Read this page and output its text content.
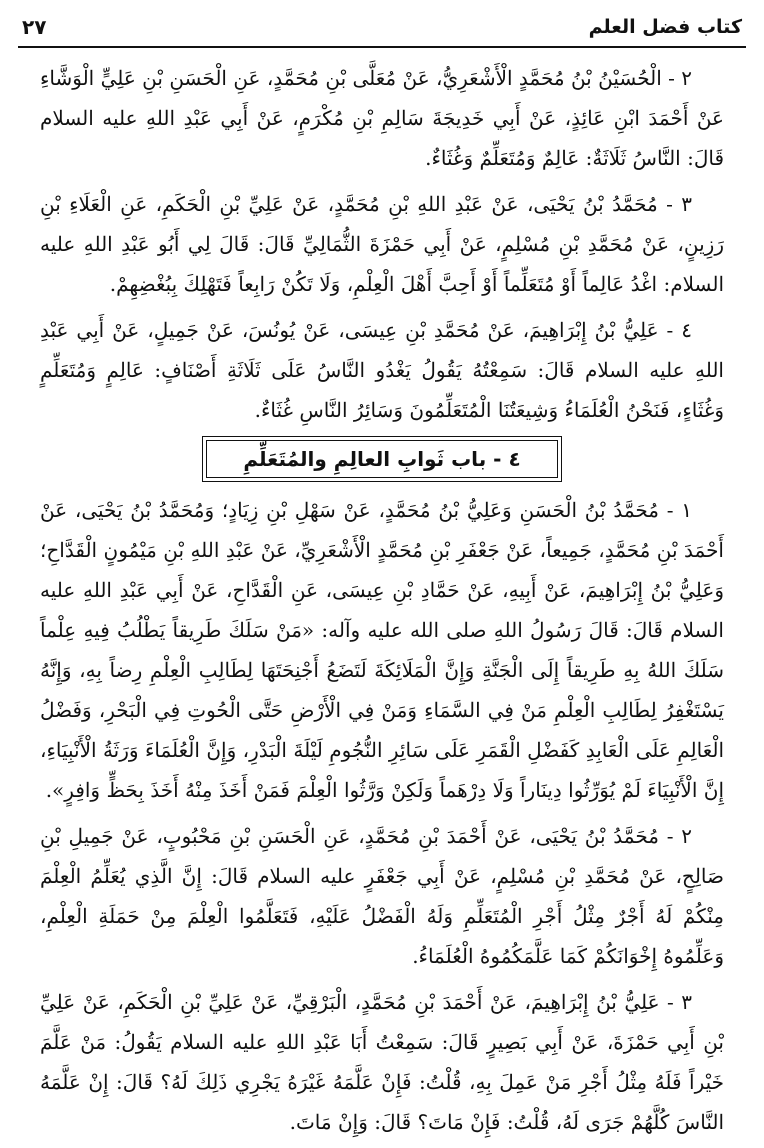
كتاب فضل العلم
٢٧

٢ - الْحُسَيْنُ بْنُ مُحَمَّدٍ الْأَشْعَرِيُّ، عَنْ مُعَلَّى بْنِ مُحَمَّدٍ، عَنِ الْحَسَنِ بْنِ عَلِيٍّ الْوَشَّاءِ عَنْ أَحْمَدَ ابْنِ عَائِذٍ، عَنْ أَبِي خَدِيجَةَ سَالِمِ بْنِ مُكْرَمٍ، عَنْ أَبِي عَبْدِ اللهِ عليه السلام قَالَ: النَّاسُ ثَلَاثَةٌ: عَالِمٌ وَمُتَعَلِّمٌ وَغُثَاءٌ.

٣ - مُحَمَّدُ بْنُ يَحْيَى، عَنْ عَبْدِ اللهِ بْنِ مُحَمَّدٍ، عَنْ عَلِيِّ بْنِ الْحَكَمِ، عَنِ الْعَلَاءِ بْنِ رَزِينٍ، عَنْ مُحَمَّدِ بْنِ مُسْلِمٍ، عَنْ أَبِي حَمْزَةَ الثُّمَالِيِّ قَالَ: قَالَ لِي أَبُو عَبْدِ اللهِ عليه السلام: اغْدُ عَالِماً أَوْ مُتَعَلِّماً أَوْ أَحِبَّ أَهْلَ الْعِلْمِ، وَلَا تَكُنْ رَابِعاً فَتَهْلِكَ بِبُغْضِهِمْ.

٤ - عَلِيُّ بْنُ إِبْرَاهِيمَ، عَنْ مُحَمَّدِ بْنِ عِيسَى، عَنْ يُونُسَ، عَنْ جَمِيلٍ، عَنْ أَبِي عَبْدِ اللهِ عليه السلام قَالَ: سَمِعْتُهُ يَقُولُ يَغْدُو النَّاسُ عَلَى ثَلَاثَةِ أَصْنَافٍ: عَالِمٍ وَمُتَعَلِّمٍ وَغُثَاءٍ، فَنَحْنُ الْعُلَمَاءُ وَشِيعَتُنَا الْمُتَعَلِّمُونَ وَسَائِرُ النَّاسِ غُثَاءٌ.

٤ - باب ثَوابِ العالِمِ والمُتَعَلِّمِ

١ - مُحَمَّدُ بْنُ الْحَسَنِ وَعَلِيُّ بْنُ مُحَمَّدٍ، عَنْ سَهْلِ بْنِ زِيَادٍ؛ وَمُحَمَّدُ بْنُ يَحْيَى، عَنْ أَحْمَدَ بْنِ مُحَمَّدٍ، جَمِيعاً، عَنْ جَعْفَرِ بْنِ مُحَمَّدٍ الْأَشْعَرِيِّ، عَنْ عَبْدِ اللهِ بْنِ مَيْمُونٍ الْقَدَّاحِ؛ وَعَلِيُّ بْنُ إِبْرَاهِيمَ، عَنْ أَبِيهِ، عَنْ حَمَّادِ بْنِ عِيسَى، عَنِ الْقَدَّاحِ، عَنْ أَبِي عَبْدِ اللهِ عليه السلام قَالَ: قَالَ رَسُولُ اللهِ صلى الله عليه وآله: «مَنْ سَلَكَ طَرِيقاً يَطْلُبُ فِيهِ عِلْماً سَلَكَ اللهُ بِهِ طَرِيقاً إِلَى الْجَنَّةِ وَإِنَّ الْمَلَائِكَةَ لَتَضَعُ أَجْنِحَتَهَا لِطَالِبِ الْعِلْمِ رِضاً بِهِ، وَإِنَّهُ يَسْتَغْفِرُ لِطَالِبِ الْعِلْمِ مَنْ فِي السَّمَاءِ وَمَنْ فِي الْأَرْضِ حَتَّى الْحُوتِ فِي الْبَحْرِ، وَفَضْلُ الْعَالِمِ عَلَى الْعَابِدِ كَفَضْلِ الْقَمَرِ عَلَى سَائِرِ النُّجُومِ لَيْلَةَ الْبَدْرِ، وَإِنَّ الْعُلَمَاءَ وَرَثَةُ الْأَنْبِيَاءِ، إِنَّ الْأَنْبِيَاءَ لَمْ يُوَرِّثُوا دِينَاراً وَلَا دِرْهَماً وَلَكِنْ وَرَّثُوا الْعِلْمَ فَمَنْ أَخَذَ مِنْهُ أَخَذَ بِحَظٍّ وَافِرٍ».

٢ - مُحَمَّدُ بْنُ يَحْيَى، عَنْ أَحْمَدَ بْنِ مُحَمَّدٍ، عَنِ الْحَسَنِ بْنِ مَحْبُوبٍ، عَنْ جَمِيلِ بْنِ صَالِحٍ، عَنْ مُحَمَّدِ بْنِ مُسْلِمٍ، عَنْ أَبِي جَعْفَرٍ عليه السلام قَالَ: إِنَّ الَّذِي يُعَلِّمُ الْعِلْمَ مِنْكُمْ لَهُ أَجْرٌ مِثْلُ أَجْرِ الْمُتَعَلِّمِ وَلَهُ الْفَضْلُ عَلَيْهِ، فَتَعَلَّمُوا الْعِلْمَ مِنْ حَمَلَةِ الْعِلْمِ، وَعَلِّمُوهُ إِخْوَانَكُمْ كَمَا عَلَّمَكُمُوهُ الْعُلَمَاءُ.

٣ - عَلِيُّ بْنُ إِبْرَاهِيمَ، عَنْ أَحْمَدَ بْنِ مُحَمَّدٍ، الْبَرْقِيِّ، عَنْ عَلِيِّ بْنِ الْحَكَمِ، عَنْ عَلِيِّ بْنِ أَبِي حَمْزَةَ، عَنْ أَبِي بَصِيرٍ قَالَ: سَمِعْتُ أَبَا عَبْدِ اللهِ عليه السلام يَقُولُ: مَنْ عَلَّمَ خَيْراً فَلَهُ مِثْلُ أَجْرِ مَنْ عَمِلَ بِهِ، قُلْتُ: فَإِنْ عَلَّمَهُ غَيْرَهُ يَجْرِي ذَلِكَ لَهُ؟ قَالَ: إِنْ عَلَّمَهُ النَّاسَ كُلَّهُمْ جَرَى لَهُ، قُلْتُ: فَإِنْ مَاتَ؟ قَالَ: وَإِنْ مَاتَ.
